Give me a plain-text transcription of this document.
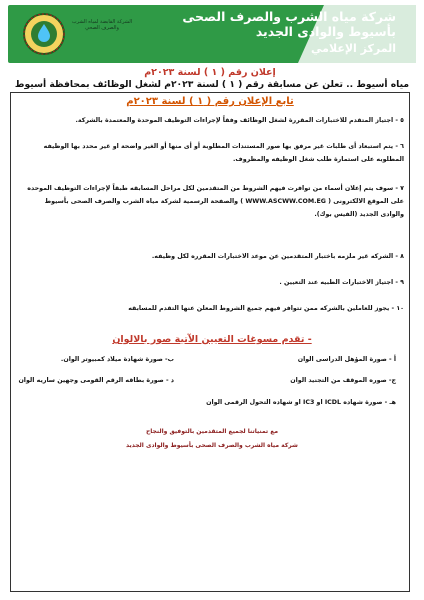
الشركة القابضة لمياه الشرب والصرف الصحي
شركة مياه الشرب والصرف الصحى
بأسيوط والوادى الجديد
المركز الإعلامي
إعلان رقم ( ١ ) لسنة ٢٠٢٣م
مياه أسيوط .. تعلن عن مسابقة رقم ( ١ ) لسنة ٢٠٢٣م لشغل الوظائف بمحافظة أسيوط
تابع الإعلان رقم ( ١ ) لسنة ٢٠٢٣م
٥ - اجتياز المتقدم للاختبارات المقررة لشغل الوظائف وفقاً لإجراءات التوظيف الموحدة والمعتمدة بالشركة.
٦ - يتم استبعاد أى طلبات غير مرفق بها صور المستندات المطلوبة أو أى منها أو الغير واضحة او غير محدد بها الوظيفه المطلوبه على استمارة طلب شغل الوظيفه والمظروف.
٧ - سوف يتم إعلان أسماء من توافرت فيهم الشروط من المتقدمين لكل مراحل المسابقه طبقاً لإجراءات التوظيف الموحده على الموقع الالكترونى ( WWW.ASCWW.COM.EG ) والصفحة الرسمية لشركة مياه الشرب والصرف الصحى بأسيوط والوادى الجديد (الفيس بوك).
٨ - الشركه غير ملزمه باختبار المتقدمين عن موعد الاختبارات المقرره لكل وظيفه.
٩ - اجتياز الاختبارات الطبيه عند التعيين .
١٠ - يجوز للعاملين بالشركه ممن تتوافر فيهم جميع الشروط المعلن عنها التقدم للمسابقه
- تقدم مسوغات التعيين الآتية صور بالالوان
أ - صورة المؤهل الدراسى الوان
ب- صورة شهادة ميلاد كمبيوتر الوان.
ج- صوره الموقف من التجنيد الوان
د - صورة بطاقه الرقم القومى وجهين ساريه الوان
هـ - صورة شهاده ICDL او IC3 او شهاده التحول الرقمى الوان
مع تمنياتنا لجميع المتقدمين بالتوفيق والنجاح
شركة مياه الشرب والصرف الصحى بأسيوط والوادى الجديد
